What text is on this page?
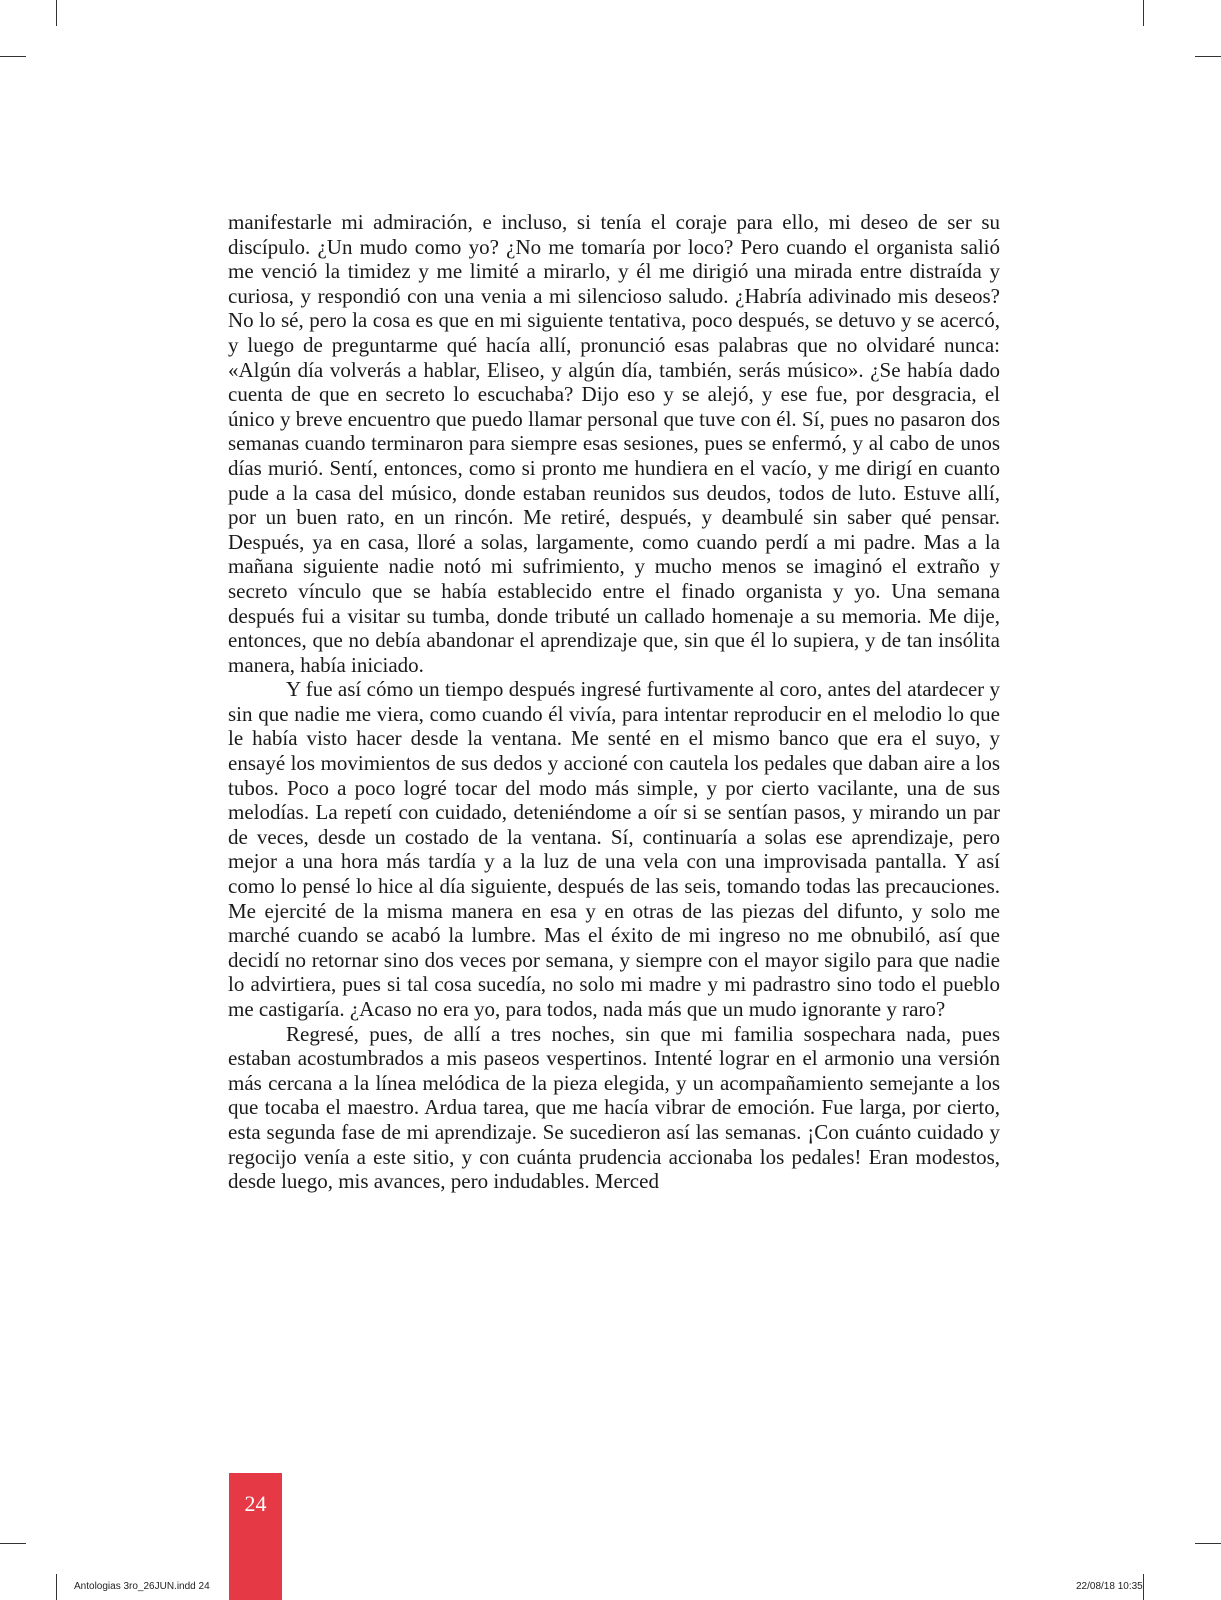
manifestarle mi admiración, e incluso, si tenía el coraje para ello, mi deseo de ser su discípulo. ¿Un mudo como yo? ¿No me tomaría por loco? Pero cuando el organista salió me venció la timidez y me limité a mirarlo, y él me dirigió una mirada entre distraída y curiosa, y respondió con una venia a mi silencioso saludo. ¿Habría adivinado mis deseos? No lo sé, pero la cosa es que en mi siguiente tentativa, poco después, se detuvo y se acercó, y luego de preguntarme qué hacía allí, pronunció esas palabras que no olvidaré nunca: «Algún día volverás a hablar, Eliseo, y algún día, también, serás músico». ¿Se había dado cuenta de que en secreto lo escuchaba? Dijo eso y se alejó, y ese fue, por desgracia, el único y breve encuentro que puedo llamar personal que tuve con él. Sí, pues no pasaron dos semanas cuando terminaron para siempre esas sesiones, pues se enfermó, y al cabo de unos días murió. Sentí, entonces, como si pronto me hundiera en el vacío, y me dirigí en cuanto pude a la casa del músico, donde estaban reunidos sus deudos, todos de luto. Estuve allí, por un buen rato, en un rincón. Me retiré, después, y deambulé sin saber qué pensar. Después, ya en casa, lloré a solas, largamente, como cuando perdí a mi padre. Mas a la mañana siguiente nadie notó mi sufrimiento, y mucho menos se imaginó el extraño y secreto vínculo que se había establecido entre el finado organista y yo. Una semana después fui a visitar su tumba, donde tributé un callado homenaje a su memoria. Me dije, entonces, que no debía abandonar el aprendizaje que, sin que él lo supiera, y de tan insólita manera, había iniciado.

Y fue así cómo un tiempo después ingresé furtivamente al coro, antes del atardecer y sin que nadie me viera, como cuando él vivía, para intentar reproducir en el melodio lo que le había visto hacer desde la ventana. Me senté en el mismo banco que era el suyo, y ensayé los movimientos de sus dedos y accioné con cautela los pedales que daban aire a los tubos. Poco a poco logré tocar del modo más simple, y por cierto vacilante, una de sus melodías. La repetí con cuidado, deteniéndome a oír si se sentían pasos, y mirando un par de veces, desde un costado de la ventana. Sí, continuaría a solas ese aprendizaje, pero mejor a una hora más tardía y a la luz de una vela con una improvisada pantalla. Y así como lo pensé lo hice al día siguiente, después de las seis, tomando todas las precauciones. Me ejercité de la misma manera en esa y en otras de las piezas del difunto, y solo me marché cuando se acabó la lumbre. Mas el éxito de mi ingreso no me obnubiló, así que decidí no retornar sino dos veces por semana, y siempre con el mayor sigilo para que nadie lo advirtiera, pues si tal cosa sucedía, no solo mi madre y mi padrastro sino todo el pueblo me castigaría. ¿Acaso no era yo, para todos, nada más que un mudo ignorante y raro?

Regresé, pues, de allí a tres noches, sin que mi familia sospechara nada, pues estaban acostumbrados a mis paseos vespertinos. Intenté lograr en el armonio una versión más cercana a la línea melódica de la pieza elegida, y un acompañamiento semejante a los que tocaba el maestro. Ardua tarea, que me hacía vibrar de emoción. Fue larga, por cierto, esta segunda fase de mi aprendizaje. Se sucedieron así las semanas. ¡Con cuánto cuidado y regocijo venía a este sitio, y con cuánta prudencia accionaba los pedales! Eran modestos, desde luego, mis avances, pero indudables. Merced

24
Antologias 3ro_26JUN.indd 24	22/08/18 10:35
